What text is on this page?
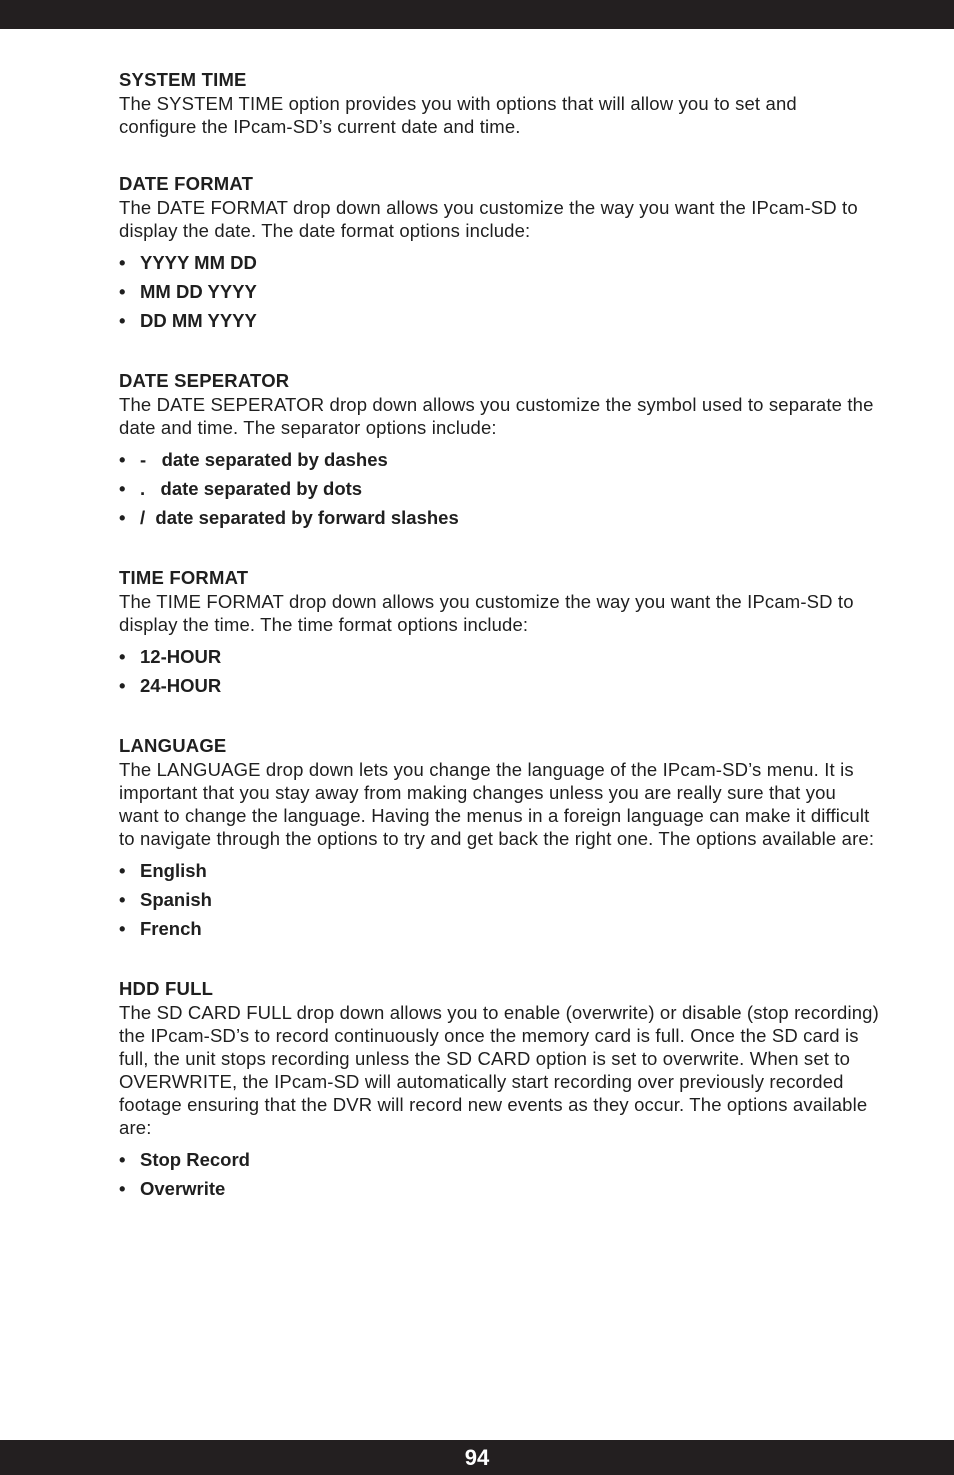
SYSTEM TIME

The SYSTEM TIME option provides you with options that will allow you to set and configure the IPcam-SD’s current date and time.

DATE FORMAT

The DATE FORMAT drop down allows you customize the way you want the IPcam-SD to display the date. The date format options include:

• YYYY MM DD
• MM DD YYYY
• DD MM YYYY

DATE SEPERATOR

The DATE SEPERATOR drop down allows you customize the symbol used to separate the date and time. The separator options include:

• -   date separated by dashes
• .   date separated by dots
• /  date separated by forward slashes

TIME FORMAT

The TIME FORMAT drop down allows you customize the way you want the IPcam-SD to display the time. The time format options include:

• 12-HOUR
• 24-HOUR

LANGUAGE

The LANGUAGE drop down lets you change the language of the IPcam-SD’s menu. It is important that you stay away from making changes unless you are really sure that you want to change the language. Having the menus in a foreign language can make it difficult to navigate through the options to try and get back the right one. The options available are:

• English
• Spanish
• French

HDD FULL

The SD CARD FULL drop down allows you to enable (overwrite) or disable (stop recording) the IPcam-SD’s to record continuously once the memory card is full. Once the SD card is full, the unit stops recording unless the SD CARD option is set to overwrite. When set to OVERWRITE, the IPcam-SD will automatically start recording over previously recorded footage ensuring that the DVR will record new events as they occur. The options available are:

• Stop Record
• Overwrite
94
